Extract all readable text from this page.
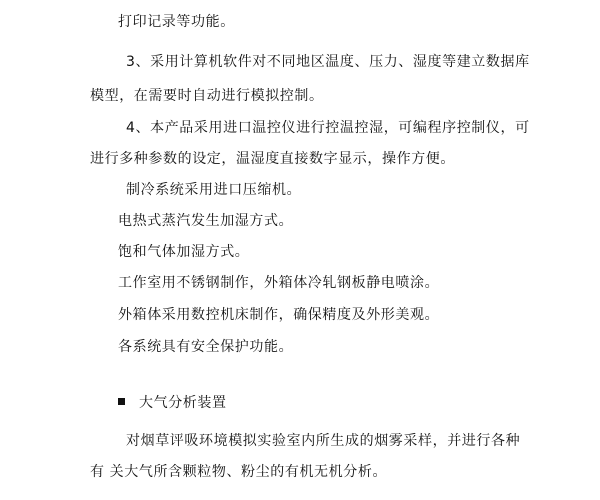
打印记录等功能。
3、采用计算机软件对不同地区温度、压力、湿度等建立数据库
模型，在需要时自动进行模拟控制。
4、本产品采用进口温控仪进行控温控湿，可编程序控制仪，可
进行多种参数的设定，温湿度直接数字显示，操作方便。
制冷系统采用进口压缩机。
电热式蒸汽发生加湿方式。
饱和气体加湿方式。
工作室用不锈钢制作，外箱体冷轧钢板静电喷涂。
外箱体采用数控机床制作，确保精度及外形美观。
各系统具有安全保护功能。
大气分析装置
对烟草评吸环境模拟实验室内所生成的烟雾采样，并进行各种
有 关大气所含颗粒物、粉尘的有机无机分析。
